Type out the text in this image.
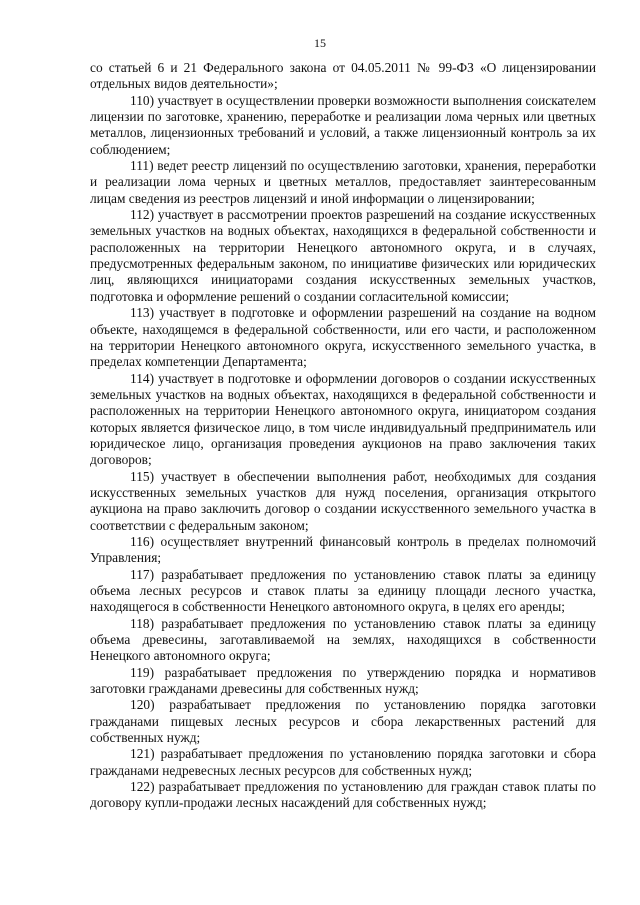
15

со статьей 6 и 21 Федерального закона от 04.05.2011 № 99-ФЗ «О лицензировании отдельных видов деятельности»;

110) участвует в осуществлении проверки возможности выполнения соискателем лицензии по заготовке, хранению, переработке и реализации лома черных или цветных металлов, лицензионных требований и условий, а также лицензионный контроль за их соблюдением;

111) ведет реестр лицензий по осуществлению заготовки, хранения, переработки и реализации лома черных и цветных металлов, предоставляет заинтересованным лицам сведения из реестров лицензий и иной информации о лицензировании;

112) участвует в рассмотрении проектов разрешений на создание искусственных земельных участков на водных объектах, находящихся в федеральной собственности и расположенных на территории Ненецкого автономного округа, и в случаях, предусмотренных федеральным законом, по инициативе физических или юридических лиц, являющихся инициаторами создания искусственных земельных участков, подготовка и оформление решений о создании согласительной комиссии;

113) участвует в подготовке и оформлении разрешений на создание на водном объекте, находящемся в федеральной собственности, или его части, и расположенном на территории Ненецкого автономного округа, искусственного земельного участка, в пределах компетенции Департамента;

114) участвует в подготовке и оформлении договоров о создании искусственных земельных участков на водных объектах, находящихся в федеральной собственности и расположенных на территории Ненецкого автономного округа, инициатором создания которых является физическое лицо, в том числе индивидуальный предприниматель или юридическое лицо, организация проведения аукционов на право заключения таких договоров;

115) участвует в обеспечении выполнения работ, необходимых для создания искусственных земельных участков для нужд поселения, организация открытого аукциона на право заключить договор о создании искусственного земельного участка в соответствии с федеральным законом;

116) осуществляет внутренний финансовый контроль в пределах полномочий Управления;

117) разрабатывает предложения по установлению ставок платы за единицу объема лесных ресурсов и ставок платы за единицу площади лесного участка, находящегося в собственности Ненецкого автономного округа, в целях его аренды;

118) разрабатывает предложения по установлению ставок платы за единицу объема древесины, заготавливаемой на землях, находящихся в собственности Ненецкого автономного округа;

119) разрабатывает предложения по утверждению порядка и нормативов заготовки гражданами древесины для собственных нужд;

120) разрабатывает предложения по установлению порядка заготовки гражданами пищевых лесных ресурсов и сбора лекарственных растений для собственных нужд;

121) разрабатывает предложения по установлению порядка заготовки и сбора гражданами недревесных лесных ресурсов для собственных нужд;

122) разрабатывает предложения по установлению для граждан ставок платы по договору купли-продажи лесных насаждений для собственных нужд;
